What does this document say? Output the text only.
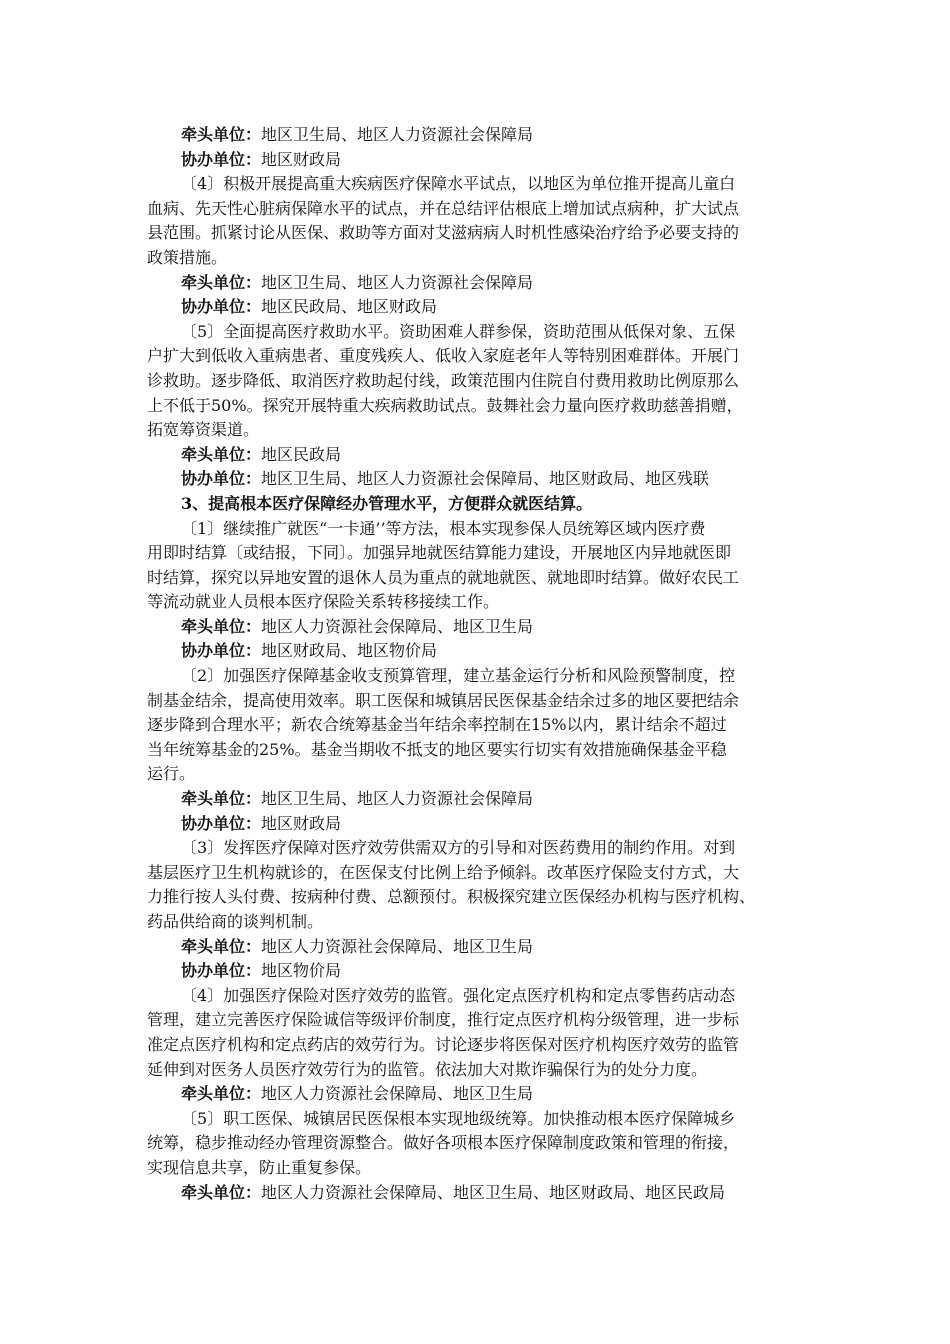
牵头单位：地区卫生局、地区人力资源社会保障局
协办单位：地区财政局
〔4〕积极开展提高重大疾病医疗保障水平试点，以地区为单位推开提高儿童白
血病、先天性心脏病保障水平的试点，并在总结评估根底上增加试点病种，扩大试点
县范围。抓紧讨论从医保、救助等方面对艾滋病病人时机性感染治疗给予必要支持的
政策措施。
牵头单位：地区卫生局、地区人力资源社会保障局
协办单位：地区民政局、地区财政局
〔5〕全面提高医疗救助水平。资助困难人群参保，资助范围从低保对象、五保
户扩大到低收入重病患者、重度残疾人、低收入家庭老年人等特别困难群体。开展门
诊救助。逐步降低、取消医疗救助起付线，政策范围内住院自付费用救助比例原那么
上不低于50%。探究开展特重大疾病救助试点。鼓舞社会力量向医疗救助慈善捐赠，
拓宽筹资渠道。
牵头单位：地区民政局
协办单位：地区卫生局、地区人力资源社会保障局、地区财政局、地区残联
3、提高根本医疗保障经办管理水平，方便群众就医结算。
〔1〕继续推广就医“一卡通’’等方法，根本实现参保人员统筹区域内医疗费
用即时结算〔或结报，下同〕。加强异地就医结算能力建设，开展地区内异地就医即
时结算，探究以异地安置的退休人员为重点的就地就医、就地即时结算。做好农民工
等流动就业人员根本医疗保险关系转移接续工作。
牵头单位：地区人力资源社会保障局、地区卫生局
协办单位：地区财政局、地区物价局
〔2〕加强医疗保障基金收支预算管理，建立基金运行分析和风险预警制度，控
制基金结余，提高使用效率。职工医保和城镇居民医保基金结余过多的地区要把结余
逐步降到合理水平；新农合统筹基金当年结余率控制在15%以内，累计结余不超过
当年统筹基金的25%。基金当期收不抵支的地区要实行切实有效措施确保基金平稳
运行。
牵头单位：地区卫生局、地区人力资源社会保障局
协办单位：地区财政局
〔3〕发挥医疗保障对医疗效劳供需双方的引导和对医药费用的制约作用。对到
基层医疗卫生机构就诊的，在医保支付比例上给予倾斜。改革医疗保险支付方式，大
力推行按人头付费、按病种付费、总额预付。积极探究建立医保经办机构与医疗机构、
药品供给商的谈判机制。
牵头单位：地区人力资源社会保障局、地区卫生局
协办单位：地区物价局
〔4〕加强医疗保险对医疗效劳的监管。强化定点医疗机构和定点零售药店动态
管理，建立完善医疗保险诚信等级评价制度，推行定点医疗机构分级管理，进一步标
准定点医疗机构和定点药店的效劳行为。讨论逐步将医保对医疗机构医疗效劳的监管
延伸到对医务人员医疗效劳行为的监管。依法加大对欺诈骗保行为的处分力度。
牵头单位：地区人力资源社会保障局、地区卫生局
〔5〕职工医保、城镇居民医保根本实现地级统筹。加快推动根本医疗保障城乡
统筹，稳步推动经办管理资源整合。做好各项根本医疗保障制度政策和管理的衔接，
实现信息共享，防止重复参保。
牵头单位：地区人力资源社会保障局、地区卫生局、地区财政局、地区民政局
